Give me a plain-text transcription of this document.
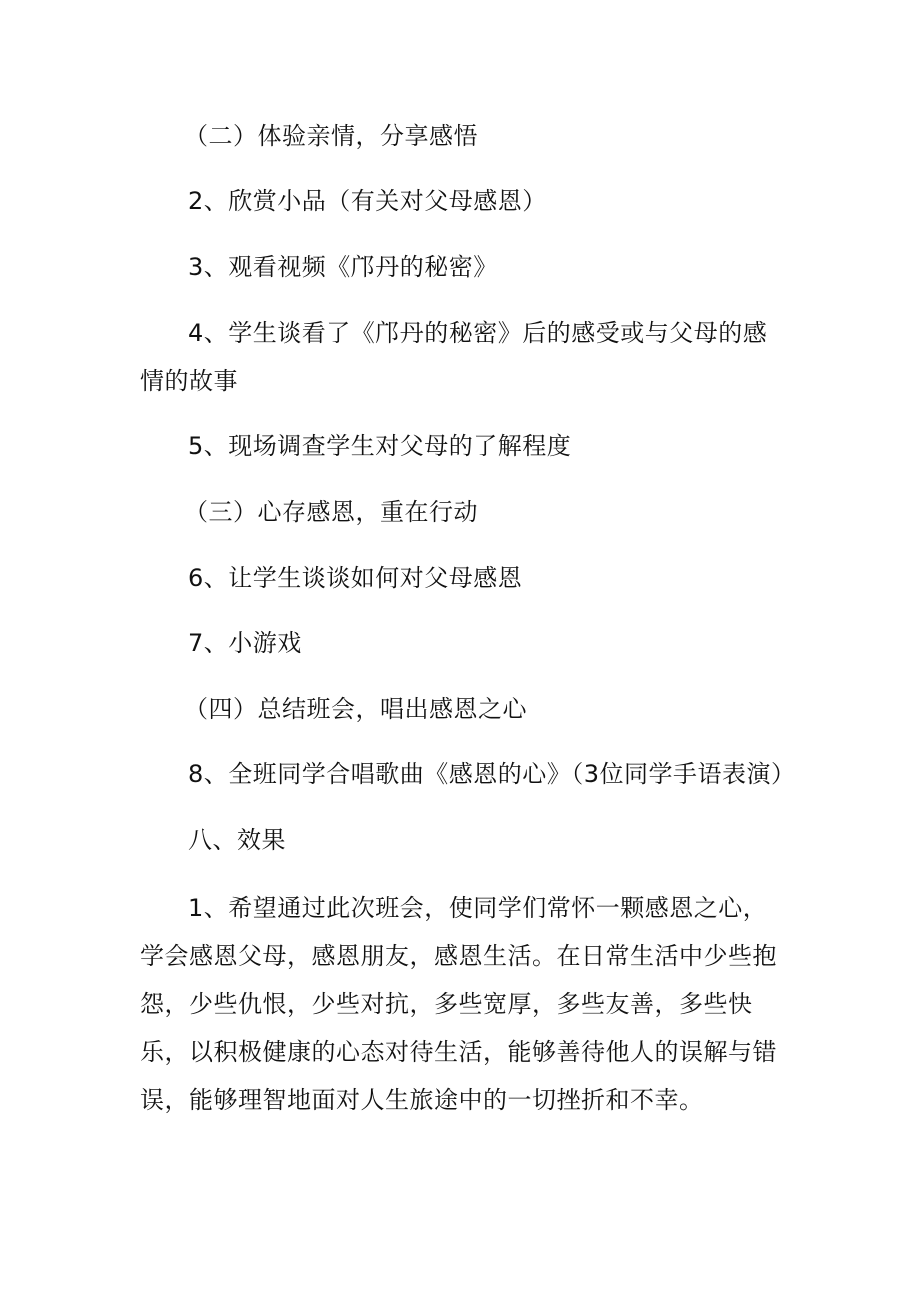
（二）体验亲情，分享感悟

2、欣赏小品（有关对父母感恩）

3、观看视频《邝丹的秘密》

4、学生谈看了《邝丹的秘密》后的感受或与父母的感情的故事

5、现场调查学生对父母的了解程度

（三）心存感恩，重在行动

6、让学生谈谈如何对父母感恩

7、小游戏

（四）总结班会，唱出感恩之心

8、全班同学合唱歌曲《感恩的心》（3位同学手语表演）

八、效果

1、希望通过此次班会，使同学们常怀一颗感恩之心，学会感恩父母，感恩朋友，感恩生活。在日常生活中少些抱怨，少些仇恨，少些对抗，多些宽厚，多些友善，多些快乐，以积极健康的心态对待生活，能够善待他人的误解与错误，能够理智地面对人生旅途中的一切挫折和不幸。
